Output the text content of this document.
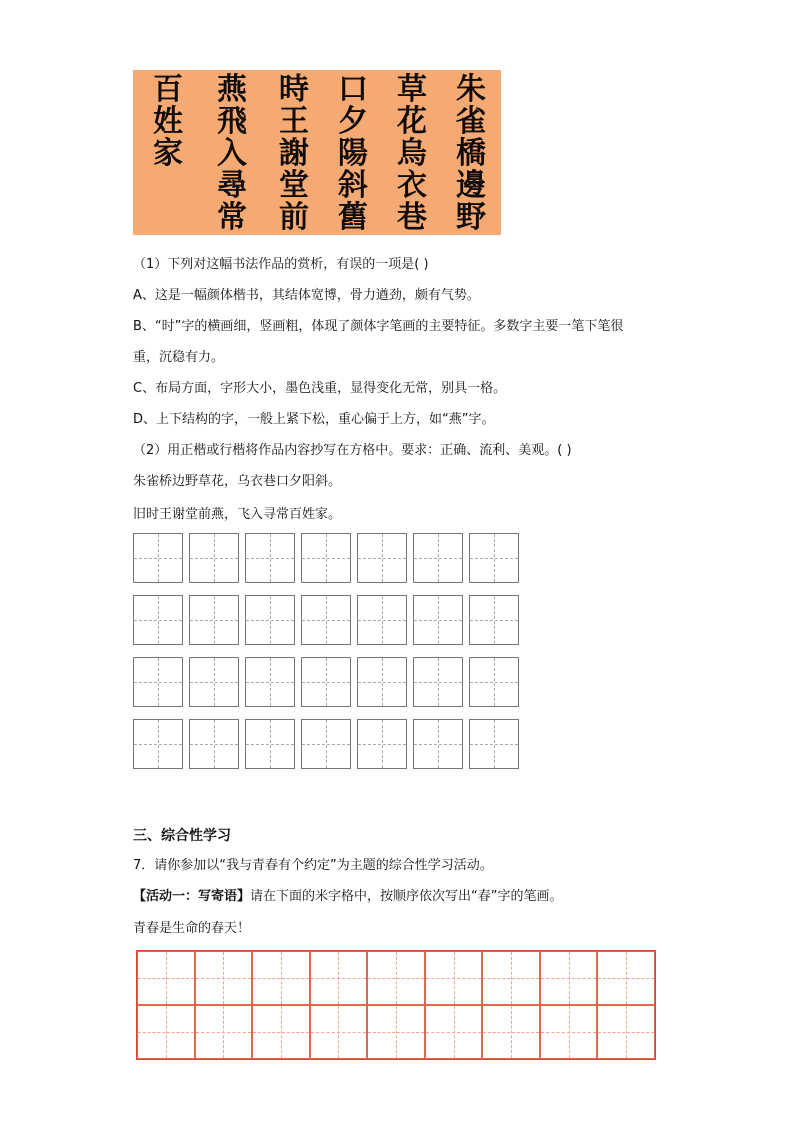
朱
雀
橋
邊
野
草
花
烏
衣
巷
口
夕
陽
斜
舊
時
王
謝
堂
前
燕
飛
入
尋
常
百
姓
家
（1）下列对这幅书法作品的赏析，有误的一项是( )
A、这是一幅颜体楷书，其结体宽博，骨力遒劲，颇有气势。
B、“时”字的横画细，竖画粗，体现了颜体字笔画的主要特征。多数字主要一笔下笔很
重，沉稳有力。
C、布局方面，字形大小，墨色浅重，显得变化无常，别具一格。
D、上下结构的字，一般上紧下松，重心偏于上方，如“燕”字。
（2）用正楷或行楷将作品内容抄写在方格中。要求：正确、流利、美观。( )
朱雀桥边野草花，乌衣巷口夕阳斜。
旧时王谢堂前燕，飞入寻常百姓家。
三、综合性学习
7．请你参加以“我与青春有个约定”为主题的综合性学习活动。
【活动一：写寄语】请在下面的米字格中，按顺序依次写出“春”字的笔画。
青春是生命的春天！
